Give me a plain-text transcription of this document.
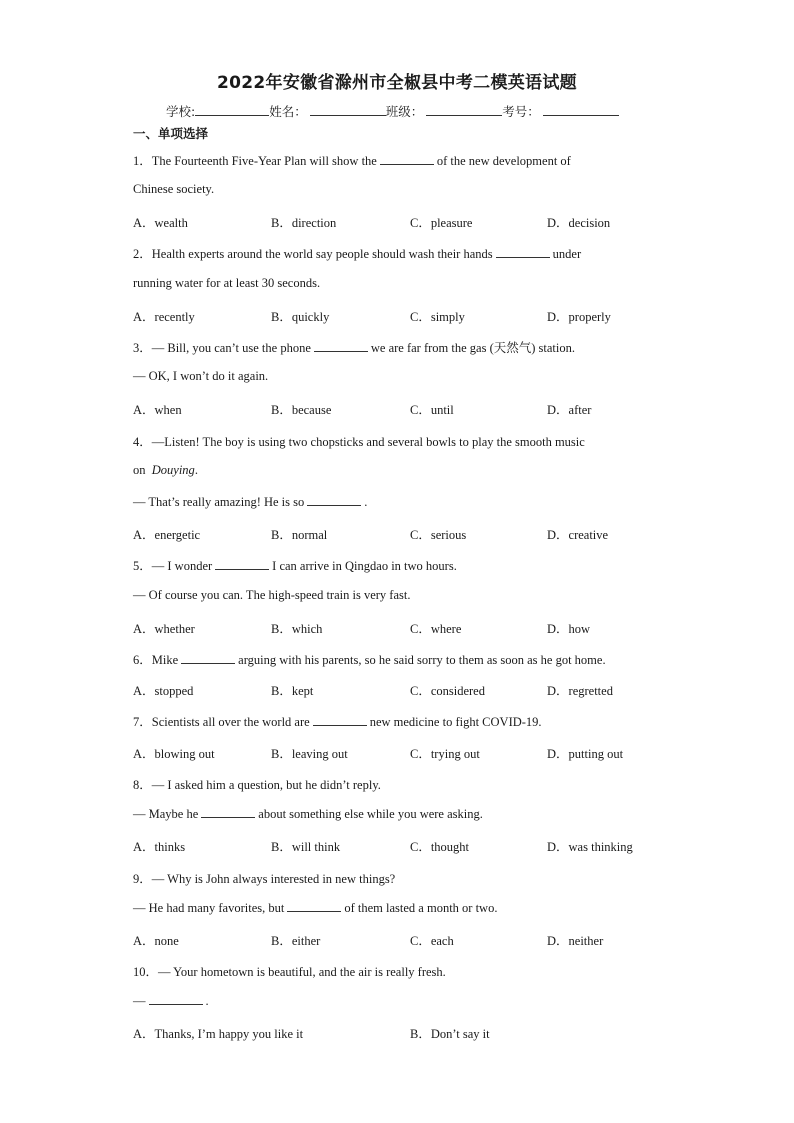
2022年安徽省滁州市全椒县中考二模英语试题
学校:	姓名：	班级：	考号：
一、单项选择
1．The Fourteenth Five-Year Plan will show the	of the new development of
Chinese society.
A．wealth	B．direction	C．pleasure	D．decision
2．Health experts around the world say people should wash their hands	under
running water for at least 30 seconds.
A．recently	B．quickly	C．simply	D．properly
3．— Bill, you can’t use the phone	we are far from the gas (天然气) station.
— OK, I won’t do it again.
A．when	B．because	C．until	D．after
4．—Listen! The boy is using two chopsticks and several bowls to play the smooth music
on Douying.
— That’s really amazing! He is so	.
A．energetic	B．normal	C．serious	D．creative
5．— I wonder	I can arrive in Qingdao in two hours.
— Of course you can. The high-speed train is very fast.
A．whether	B．which	C．where	D．how
6．Mike	arguing with his parents, so he said sorry to them as soon as he got home.
A．stopped	B．kept	C．considered	D．regretted
7．Scientists all over the world are	new medicine to fight COVID-19.
A．blowing out	B．leaving out	C．trying out	D．putting out
8．— I asked him a question, but he didn’t reply.
— Maybe he	about something else while you were asking.
A．thinks	B．will think	C．thought	D．was thinking
9．— Why is John always interested in new things?
— He had many favorites, but	of them lasted a month or two.
A．none	B．either	C．each	D．neither
10．— Your hometown is beautiful, and the air is really fresh.
—	.
A．Thanks, I’m happy you like it	B．Don’t say it
